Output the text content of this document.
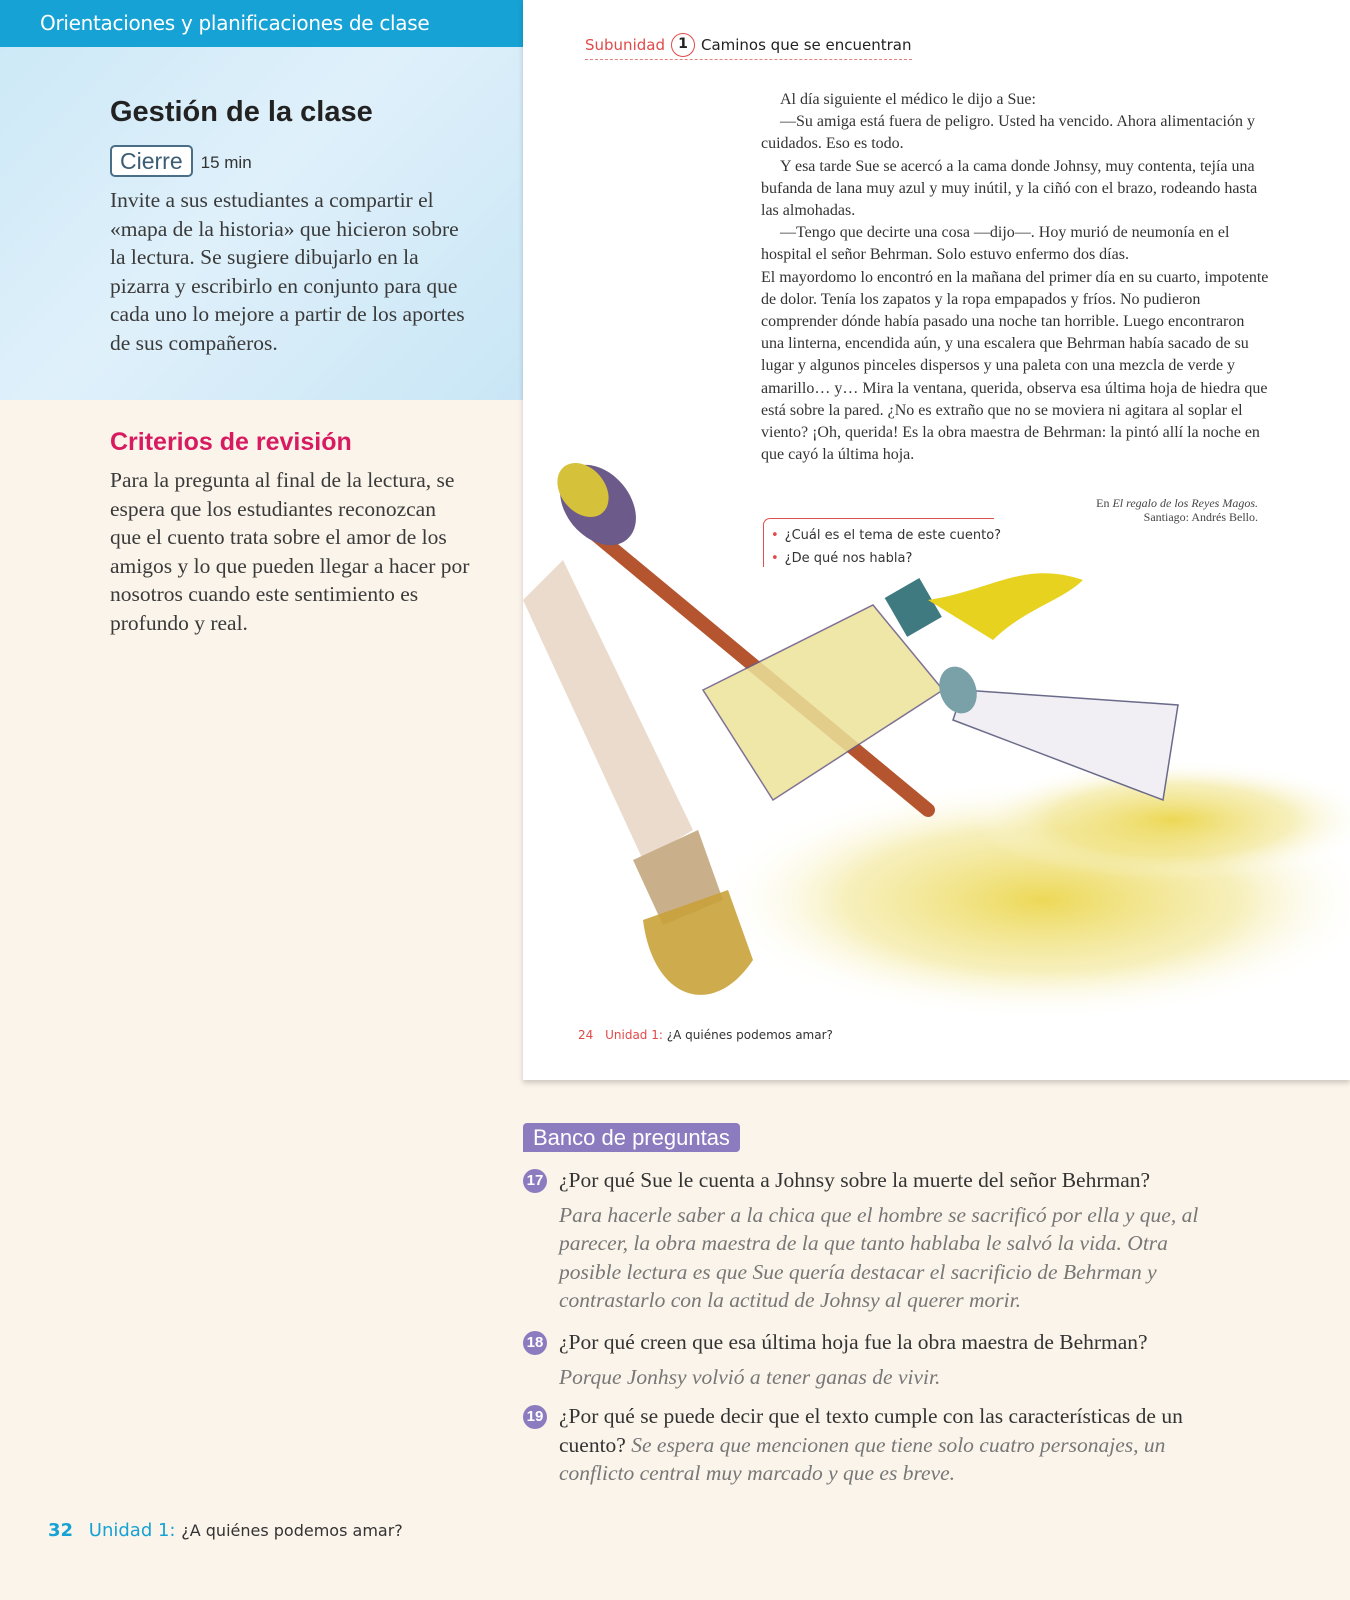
Orientaciones y planificaciones de clase
Gestión de la clase
Cierre	15 min

Invite a sus estudiantes a compartir el «mapa de la historia» que hicieron sobre la lectura. Se sugiere dibujarlo en la pizarra y escribirlo en conjunto para que cada uno lo mejore a partir de los aportes de sus compañeros.

Criterios de revisión

Para la pregunta al final de la lectura, se espera que los estudiantes reconozcan que el cuento trata sobre el amor de los amigos y lo que pueden llegar a hacer por nosotros cuando este sentimiento es profundo y real.

Subunidad 1 Caminos que se encuentran

Al día siguiente el médico le dijo a Sue:

—Su amiga está fuera de peligro. Usted ha vencido. Ahora alimentación y cuidados. Eso es todo.

Y esa tarde Sue se acercó a la cama donde Johnsy, muy contenta, tejía una bufanda de lana muy azul y muy inútil, y la ciñó con el brazo, rodeando hasta las almohadas.

—Tengo que decirte una cosa —dijo—. Hoy murió de neumonía en el hospital el señor Behrman. Solo estuvo enfermo dos días.

El mayordomo lo encontró en la mañana del primer día en su cuarto, impotente de dolor. Tenía los zapatos y la ropa empapados y fríos. No pudieron comprender dónde había pasado una noche tan horrible. Luego encontraron una linterna, encendida aún, y una escalera que Behrman había sacado de su lugar y algunos pinceles dispersos y una paleta con una mezcla de verde y amarillo… y… Mira la ventana, querida, observa esa última hoja de hiedra que está sobre la pared. ¿No es extraño que no se moviera ni agitara al soplar el viento? ¡Oh, querida! Es la obra maestra de Behrman: la pintó allí la noche en que cayó la última hoja.

En El regalo de los Reyes Magos.
Santiago: Andrés Bello.
• ¿Cuál es el tema de este cuento?
• ¿De qué nos habla?
24 Unidad 1: ¿A quiénes podemos amar?
Banco de preguntas
17 ¿Por qué Sue le cuenta a Johnsy sobre la muerte del señor Behrman?
Para hacerle saber a la chica que el hombre se sacrificó por ella y que, al parecer, la obra maestra de la que tanto hablaba le salvó la vida. Otra posible lectura es que Sue quería destacar el sacrificio de Behrman y contrastarlo con la actitud de Johnsy al querer morir.
18 ¿Por qué creen que esa última hoja fue la obra maestra de Behrman?
Porque Jonhsy volvió a tener ganas de vivir.
19 ¿Por qué se puede decir que el texto cumple con las características de un cuento? Se espera que mencionen que tiene solo cuatro personajes, un conflicto central muy marcado y que es breve.
32 Unidad 1: ¿A quiénes podemos amar?
